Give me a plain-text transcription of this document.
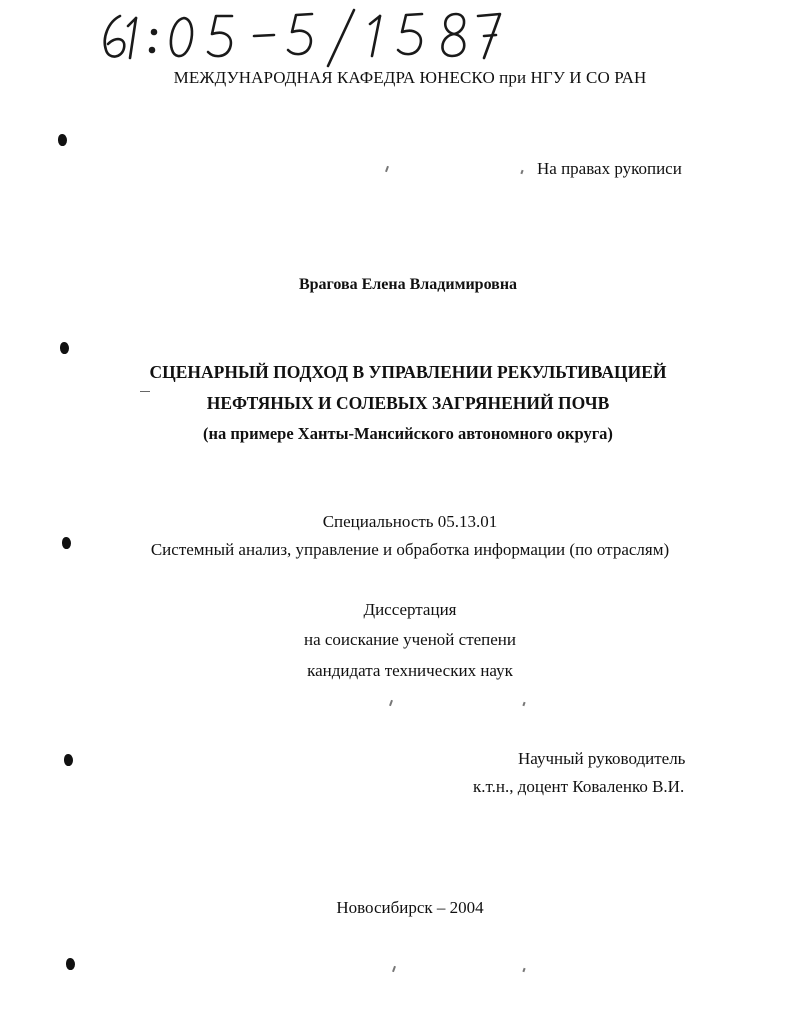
МЕЖДУНАРОДНАЯ КАФЕДРА ЮНЕСКО при НГУ И СО РАН
На правах рукописи
Врагова Елена Владимировна
СЦЕНАРНЫЙ ПОДХОД В УПРАВЛЕНИИ РЕКУЛЬТИВАЦИЕЙ
НЕФТЯНЫХ И СОЛЕВЫХ ЗАГРЯНЕНИЙ ПОЧВ
(на примере Ханты-Мансийского автономного округа)
Специальность 05.13.01
Системный анализ, управление и обработка информации (по отраслям)
Диссертация
на соискание ученой степени
кандидата технических наук
Научный руководитель
к.т.н., доцент Коваленко В.И.
Новосибирск – 2004
